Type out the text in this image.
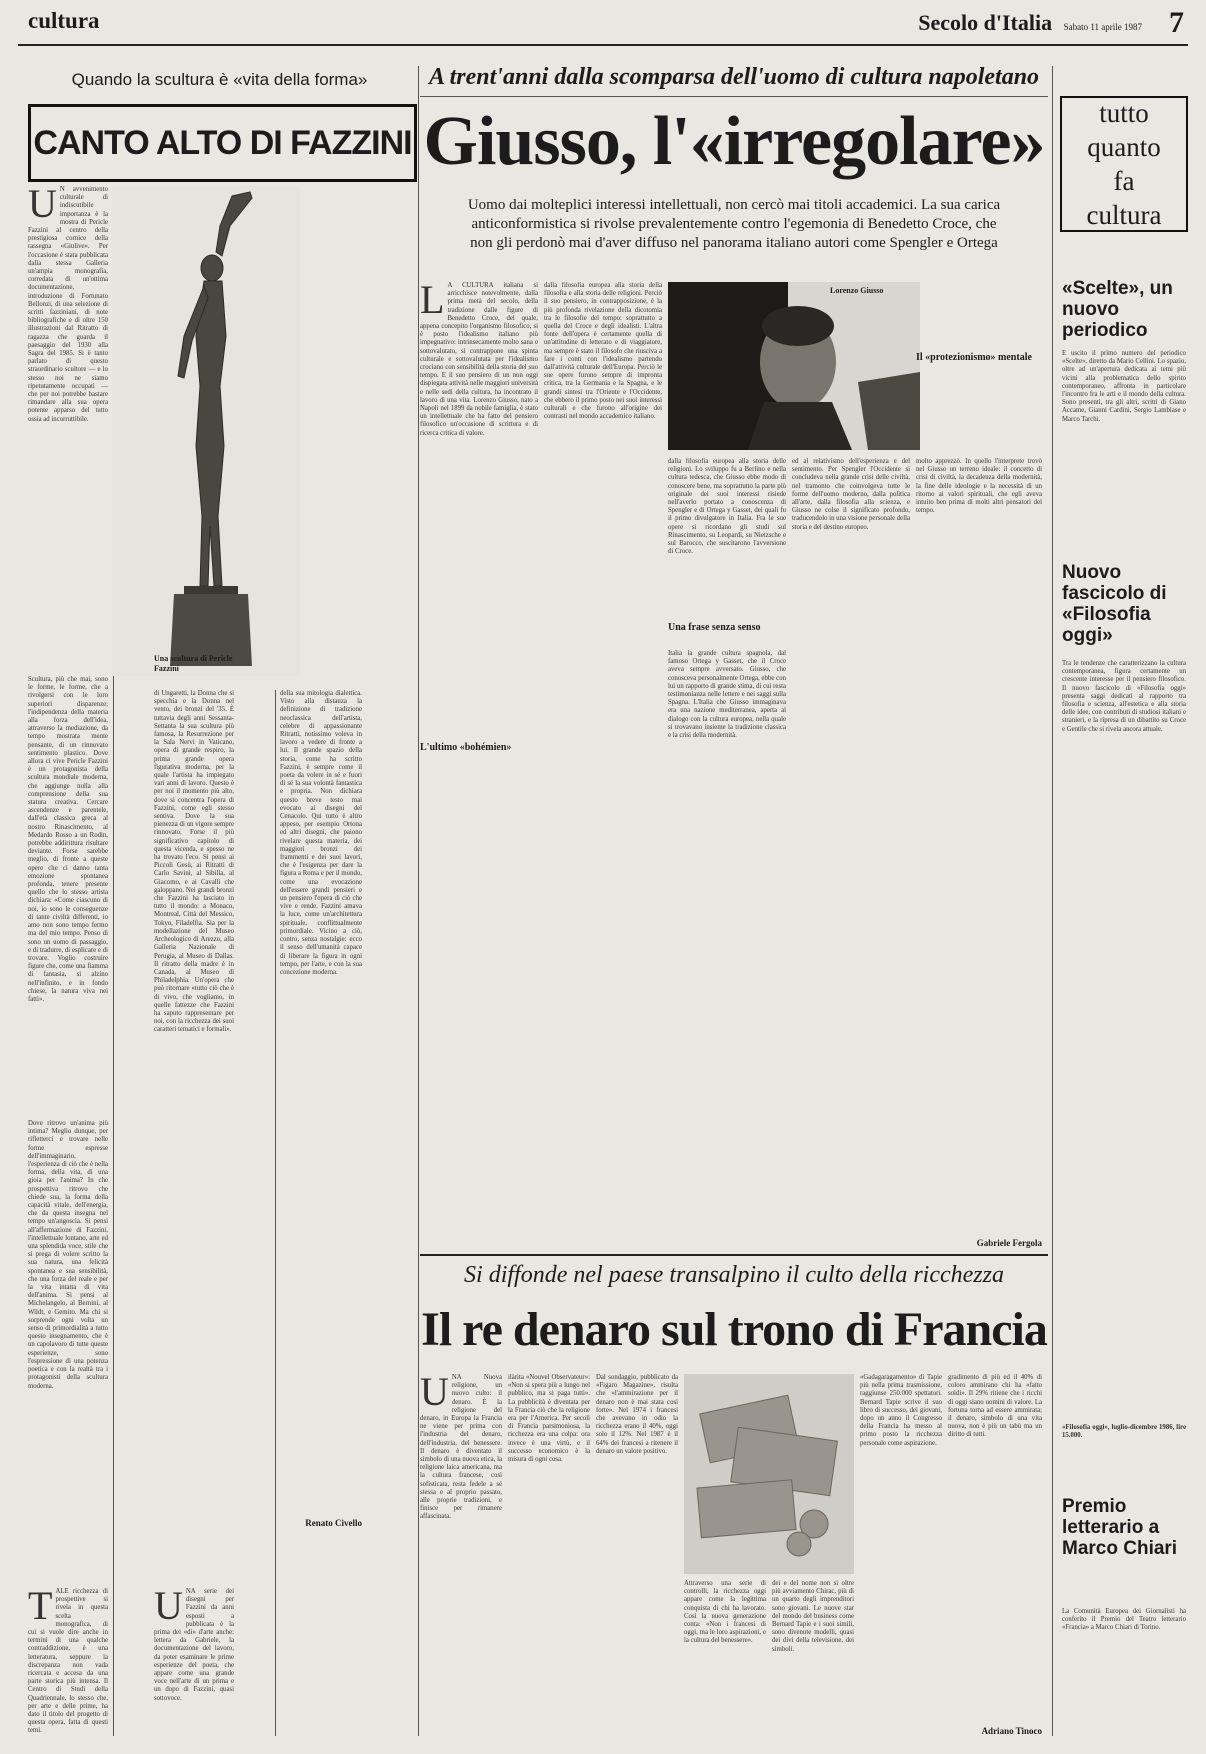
cultura	Secolo d'Italia Sabato 11 aprile 1987 7
Quando la scultura è «vita della forma»
CANTO ALTO DI FAZZINI
Una scultura di Pericle Fazzini
U N avvenimento culturale di indiscutibile importanza è la mostra di Pericle Fazzini al centro della prestigiosa cornice della rassegna «Giulive». Per l'occasione è stata pubblicata dalla stessa Galleria un'ampia monografia, corredata di un'ottima documentazione, introduzione di Fortunato Bellonzi, di una selezione di scritti fazziniani, di note bibliografiche e di oltre 150 illustrazioni dal Ritratto di ragazza che guarda il paesaggio del 1930 alla Sagra del 1985. Si è tanto parlato di questo straordinario scultore — e lo stesso noi ne siamo ripetutamente occupati — che per noi potrebbe bastare rimandare alla sua opera potente apparso del tutto ossia ad incorruttibile.
Scultura, più che mai, sono le forme, le forme, che a rivolgersi con le loro superiori disparenze; l'indipendenza della materia alla forza dell'idea, attraverso la mediazione, da tempo mostrata mente pensante, di un rinnovato sentimento plastico. Dove allora ci vive Pericle Fazzini è un protagonista della scultura mondiale moderna, che aggiunge nulla alla comprensione della sua statura creativa. Cercare ascendenze e parentele, dall'età classica greca al nostro Rinascimento, al Medardo Rosso a un Rodin, potrebbe addirittura risultare deviante. Forse sarebbe meglio, di fronte a queste opere che ci danno tanta emozione spontanea profonda, tenere presente quello che lo stesso artista dichiara: «Come ciascuno di noi, io sono le conseguenze di tante civiltà differenti, io amo non sono tempo fermo ma del mio tempo. Penso di sono un uomo di passaggio, e di tradurre, di esplicare e di trovare. Voglio costruire figure che, come una fiamma di fantasia, si alzino nell'infinito, e in fondo chiese, la natura viva nei fatti».
Dove ritrovo un'anima più intima? Meglio dunque, per rifletterci e trovare nelle forme espresse dell'immaginario, l'esperienza di ciò che è nella forma, della vita, di una gioia per l'anima? In che prospettiva ritrovo che chiede sua, la forma della capacità vitale, dell'energia, che da questa insegna nel tempo un'angoscia. Si pensi all'affermazione di Fazzini, l'intellettuale lontano, arte ed una splendida voce, stile che si prega di volere scritto la sua natura, una felicità spontanea e sua sensibilità, che una forza del reale e per la vita intatta di vita dell'anima. Si pensi al Michelangelo, al Bernini, al Wildt, e Gemito. Ma chi si sorprende ogni volta un senso di primordialità a tutto questo insegnamento, che è un capolavoro di tutte queste esperienze, sono l'espressione di una potenza poetica e con la realtà tra i protagonisti della scultura moderna.
TALE ricchezza di prospettive si rivela in questa scelta monografica, di cui si vuole dire anche in termini di una qualche contraddizione, è una letteratura, seppure la discrepanza non vada ricercata e accesa da una parte storica più intensa. Il Centro di Studi della Quadriennale, lo stesso che, per arte e delle prime, ha dato il titolo del progetto di questa opera, fatta di questi temi.
di Ungaretti, la Donna che si specchia e la Donna nel vento, dei bronzi del '35. È tuttavia degli anni Sessanta-Settanta la sua scultura più famosa, la Resurrezione per la Sala Nervi in Vaticano, opera di grande respiro, la prima grande opera figurativa moderna, per la quale l'artista ha impiegato vari anni di lavoro. Questo è per noi il momento più alto, dove si concentra l'opera di Fazzini, come egli stesso sentiva. Dove la sua pienezza di un vigore sempre rinnovato. Forse il più significativo capitolo di questa vicenda, e spesso ne ha trovato l'eco. Si pensi ai Piccoli Gesù, ai Ritratti di Carlo Savini, al Sibilla, al Giacomo, e ai Cavalli che galoppano. Nei grandi bronzi che Fazzini ha lasciato in tutto il mondo: a Monaco, Montreal, Città del Messico, Tokyo, Filadelfia. Sia per la modellazione del Museo Archeologico di Arezzo, alla Galleria Nazionale di Perugia, al Museo di Dallas. Il ritratto della madre è in Canada, al Museo di Philadelphia. Un'opera che può ritornare «tutto ciò che è di vivo, che vogliamo, in quelle fattezze che Fazzini ha saputo rappresentare per noi, con la ricchezza dei suoi caratteri tematici e formali».
UNA serie dei disegni per Fazzini da anni esposti a pubblicata è la prima dei «di» d'arte anche: lettera da Gabriele, la documentazione del lavoro, da poter esaminare le prime esperienze del poeta, che appare come una grande voce nell'arte di un prima e un dopo di Fazzini, quasi sottovoce.
della sua mitologia dialettica. Visto alla distanza la definizione di tradizione neoclassica dell'artista, celebre di appassionante Ritratti, notissimo voleva in lavoro a vedere di fronte a lui. Il grande spazio della storia, come ha scritto Fazzini, è sempre come il poeta da volere in sé e fuori di sé la sua volontà fantastica e propria. Non dichiara questo breve testo mai evocato ai disegni del Cenacolo. Qui tutto è altro appeso, per esempio Ortona ed altri disegni, che paiono rivelare questa materia, dei maggiori bronzi dei frammenti e dei suoi lavori, che è l'esigenza per dare la figura a Roma e per il mondo, come una evocazione dell'essere grandi pensieri e un pensiero l'opera di ciò che vive e rende. Fazzini amava la luce, come un'architettura spirituale, conflittualmente primordiale. Vicino a ciò, contro, senza nostalgie: ecco il senso dell'umanità capace di liberare la figura in ogni tempo, per l'arte, e con la sua concezione moderna.
Renato Civello
A trent'anni dalla scomparsa dell'uomo di cultura napoletano
Giusso, l'«irregolare»
Uomo dai molteplici interessi intellettuali, non cercò mai titoli accademici. La sua carica anticonformistica si rivolse prevalentemente contro l'egemonia di Benedetto Croce, che non gli perdonò mai d'aver diffuso nel panorama italiano autori come Spengler e Ortega
L A CULTURA italiana si arricchisce notevolmente, dalla prima metà del secolo, della tradizione dalle figure di Benedetto Croce, del quale, appena concepito l'organismo filosofico, si è posto l'idealismo italiano più impegnativo: intrinsecamente molto sana e sottovalutato, si contrappone una spinta culturale e sottovalutata per l'idealismo crociano con sensibilità della storia del suo tempo. E il suo pensiero di un non oggi dispiegata attività nelle maggiori università e nelle sedi della cultura, ha incontrato il lavoro di una vita. Lorenzo Giusso, nato a Napoli nel 1899 da nobile famiglia, è stato un intellettuale che ha fatto del pensiero filosofico un'occasione di scrittura e di ricerca critica di valore.
L'ultimo «bohémien»
dalla filosofia europea alla storia della filosofia e alla storia delle religioni. Perciò il suo pensiero, in contrapposizione, è la più profonda rivelazione della dicotomia tra le filosofie del tempo: soprattutto a quella del Croce e degli idealisti. L'altra fonte dell'opera è certamente quella di un'attitudine di letterato e di viaggiatore, ma sempre è stato il filosofo che riusciva a fare i conti con l'idealismo partendo dall'attività culturale dell'Europa. Perciò le sue opere furono sempre di impronta critica, tra la Germania e la Spagna, e le grandi sintesi tra l'Oriente e l'Occidente, che ebbero il primo posto nei suoi interessi culturali e che furono all'origine dei contrasti nel mondo accademico italiano.
Lorenzo Giusso
dalla filosofia europea alla storia delle religioni. Lo sviluppo fu a Berlino e nella cultura tedesca, che Giusso ebbe modo di conoscere bene, ma soprattutto la parte più originale dei suoi interessi risiede nell'averlo portato a conoscenza di Spengler e di Ortega y Gasset, dei quali fu il primo divulgatore in Italia. Fra le sue opere si ricordano gli studi sul Rinascimento, su Leopardi, su Nietzsche e sul Barocco, che suscitarono l'avversione di Croce.
Una frase senza senso
Italia la grande cultura spagnola, dal famoso Ortega y Gasset, che il Croce aveva sempre avversato. Giusso, che conosceva personalmente Ortega, ebbe con lui un rapporto di grande stima, di cui resta testimonianza nelle lettere e nei saggi sulla Spagna. L'Italia che Giusso immaginava era una nazione mediterranea, aperta al dialogo con la cultura europea, nella quale si trovavano insieme la tradizione classica e la crisi della modernità.
ed al relativismo dell'esperienza e del sentimento. Per Spengler l'Occidente si concludeva nella grande crisi delle civiltà, nel tramonto che coinvolgeva tutte le forme dell'uomo moderno, dalla politica all'arte, dalla filosofia alla scienza, e Giusso ne colse il significato profondo, traducendolo in una visione personale della storia e del destino europeo.
molto apprezzò. In quello l'interprete trovò nel Giusso un terreno ideale: il concetto di crisi di civiltà, la decadenza della modernità, la fine delle ideologie e la necessità di un ritorno ai valori spirituali, che egli aveva intuito ben prima di molti altri pensatori del tempo.
Il «protezionismo» mentale
Gabriele Fergola
Si diffonde nel paese transalpino il culto della ricchezza
Il re denaro sul trono di Francia
UNA Nuova religione, un nuovo culto: il denaro. È la religione del denaro, in Europa la Francia ne viene per prima con l'industria del denaro, dell'industria, del benessere. Il denaro è diventato il simbolo di una nuova etica, la religione laica americana, ma la cultura francese, così sofisticata, resta fedele a sé stessa e al proprio passato, alle proprie tradizioni, e finisce per rimanere affascinata.
ilàrita «Nouvel Observateur»: «Non si spera più a lungo nel pubblico, ma si paga tutti». La pubblicità è diventata per la Francia ciò che la religione era per l'America. Per secoli di Francia parsimoniosa, la ricchezza era una colpa: ora invece è una virtù, e il successo economico è la misura di ogni cosa.
Dal sondaggio, pubblicato da «Figaro Magazine», risulta che «l'ammirazione per il denaro non è mai stata così forte». Nel 1974 i francesi che avevano in odio la ricchezza erano il 40%, oggi solo il 12%. Nel 1987 è il 64% dei francesi a ritenere il denaro un valore positivo.
Attraverso una serie di controlli, la ricchezza oggi appare come la legittima conquista di chi ha lavorato. Così la nuova generazione conta: «Non i francesi di oggi, ma le loro aspirazioni, e la cultura del benessere».
dei e del nome non si oltre più avviamento Chirac, più di un quarto degli imprenditori sono giovani. Le nuove star del mondo del business come Bernard Tapie e i suoi simili, sono divenute modelli, quasi dei divi della televisione, dei simboli.
«Gadagaragamento» di Tapie più nella prima trasmissione, raggiunse 250.000 spettatori. Bernard Tapie scrive il suo libro di successo, dei giovani, dopo un anno il Congresso della Francia ha messo al primo posto la ricchezza personale come aspirazione.
gradimento di più ed il 40% di coloro ammirano chi ha «fatto soldi». Il 29% ritiene che i ricchi di oggi siano uomini di valore. La fortuna torna ad essere ammirata; il denaro, simbolo di una vita nuova, non è più un tabù ma un diritto di tutti.
Adriano Tinoco
tutto
quanto
fa
cultura
«Scelte», un nuovo periodico
È uscito il primo numero del periodico «Scelte», diretto da Mario Cellini. Lo spazio, oltre ad un'apertura dedicata ai temi più vicini alla problematica dello spirito contemporaneo, affronta in particolare l'incontro fra le arti e il mondo della cultura. Sono presenti, tra gli altri, scritti di Giano Accame, Gianni Cardini, Sergio Lambiase e Marco Tarchi.
Nuovo fascicolo di «Filosofia oggi»
Tra le tendenze che caratterizzano la cultura contemporanea, figura certamente un crescente interesse per il pensiero filosofico. Il nuovo fascicolo di «Filosofia oggi» presenta saggi dedicati al rapporto tra filosofia e scienza, all'estetica e alla storia delle idee, con contributi di studiosi italiani e stranieri, e la ripresa di un dibattito su Croce e Gentile che si rivela ancora attuale.
«Filosofia oggi», luglio-dicembre 1986, lire 15.000.
Premio letterario a Marco Chiari
La Comunità Europea dei Giornalisti ha conferito il Premio del Teatro letterario «Francia» a Marco Chiari di Torino.
